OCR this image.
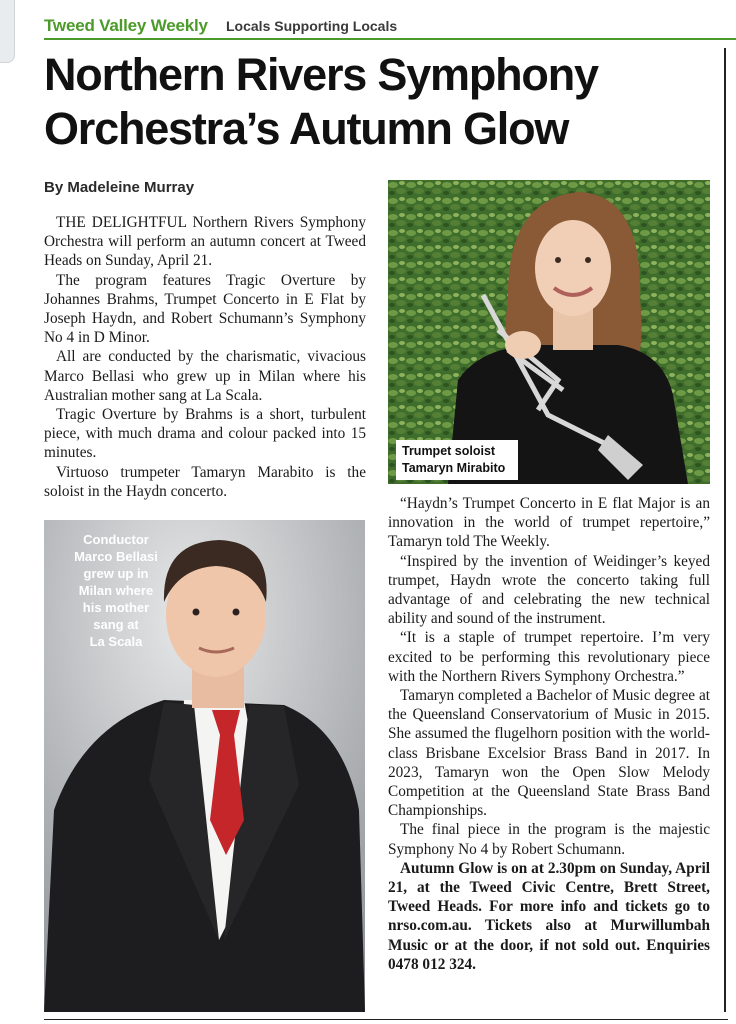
Tweed Valley Weekly Locals Supporting Locals
Northern Rivers Symphony
Orchestra’s Autumn Glow
By Madeleine Murray

THE DELIGHTFUL Northern Rivers Symphony Orchestra will perform an autumn concert at Tweed Heads on Sunday, April 21.

The program features Tragic Overture by Johannes Brahms, Trumpet Concerto in E Flat by Joseph Haydn, and Robert Schumann’s Symphony No 4 in D Minor.

All are conducted by the charismatic, vivacious Marco Bellasi who grew up in Milan where his Australian mother sang at La Scala.

Tragic Overture by Brahms is a short, turbulent piece, with much drama and colour packed into 15 minutes.

Virtuoso trumpeter Tamaryn Marabito is the soloist in the Haydn concerto.

Trumpet soloist
Tamaryn Mirabito
Conductor
Marco Bellasi
grew up in
Milan where
his mother
sang at
La Scala

“Haydn’s Trumpet Concerto in E flat Major is an innovation in the world of trumpet repertoire,” Tamaryn told The Weekly.

“Inspired by the invention of Weidinger’s keyed trumpet, Haydn wrote the concerto taking full advantage of and celebrating the new technical ability and sound of the instrument.

“It is a staple of trumpet repertoire. I’m very excited to be performing this revolutionary piece with the Northern Rivers Symphony Orchestra.”

Tamaryn completed a Bachelor of Music degree at the Queensland Conservatorium of Music in 2015. She assumed the flugelhorn position with the world-class Brisbane Excelsior Brass Band in 2017. In 2023, Tamaryn won the Open Slow Melody Competition at the Queensland State Brass Band Championships.

The final piece in the program is the majestic Symphony No 4 by Robert Schumann.

Autumn Glow is on at 2.30pm on Sunday, April 21, at the Tweed Civic Centre, Brett Street, Tweed Heads. For more info and tickets go to nrso.com.au. Tickets also at Murwillumbah Music or at the door, if not sold out. Enquiries 0478 012 324.
